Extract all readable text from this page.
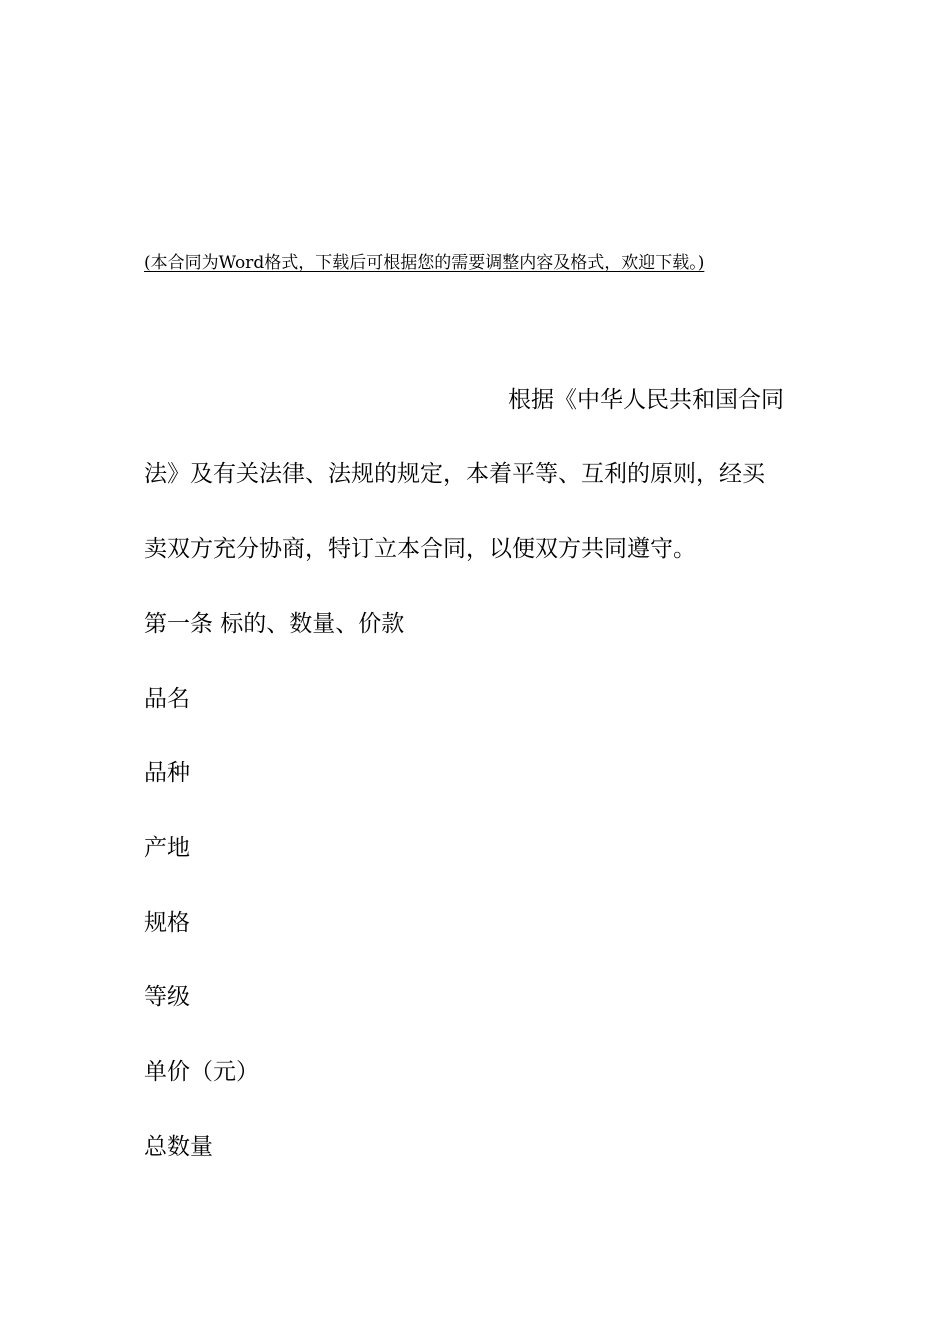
(本合同为Word格式，下载后可根据您的需要调整内容及格式，欢迎下载。)
根据《中华人民共和国合同
法》及有关法律、法规的规定，本着平等、互利的原则，经买
卖双方充分协商，特订立本合同，以便双方共同遵守。
第一条 标的、数量、价款
品名
品种
产地
规格
等级
单价（元）
总数量
